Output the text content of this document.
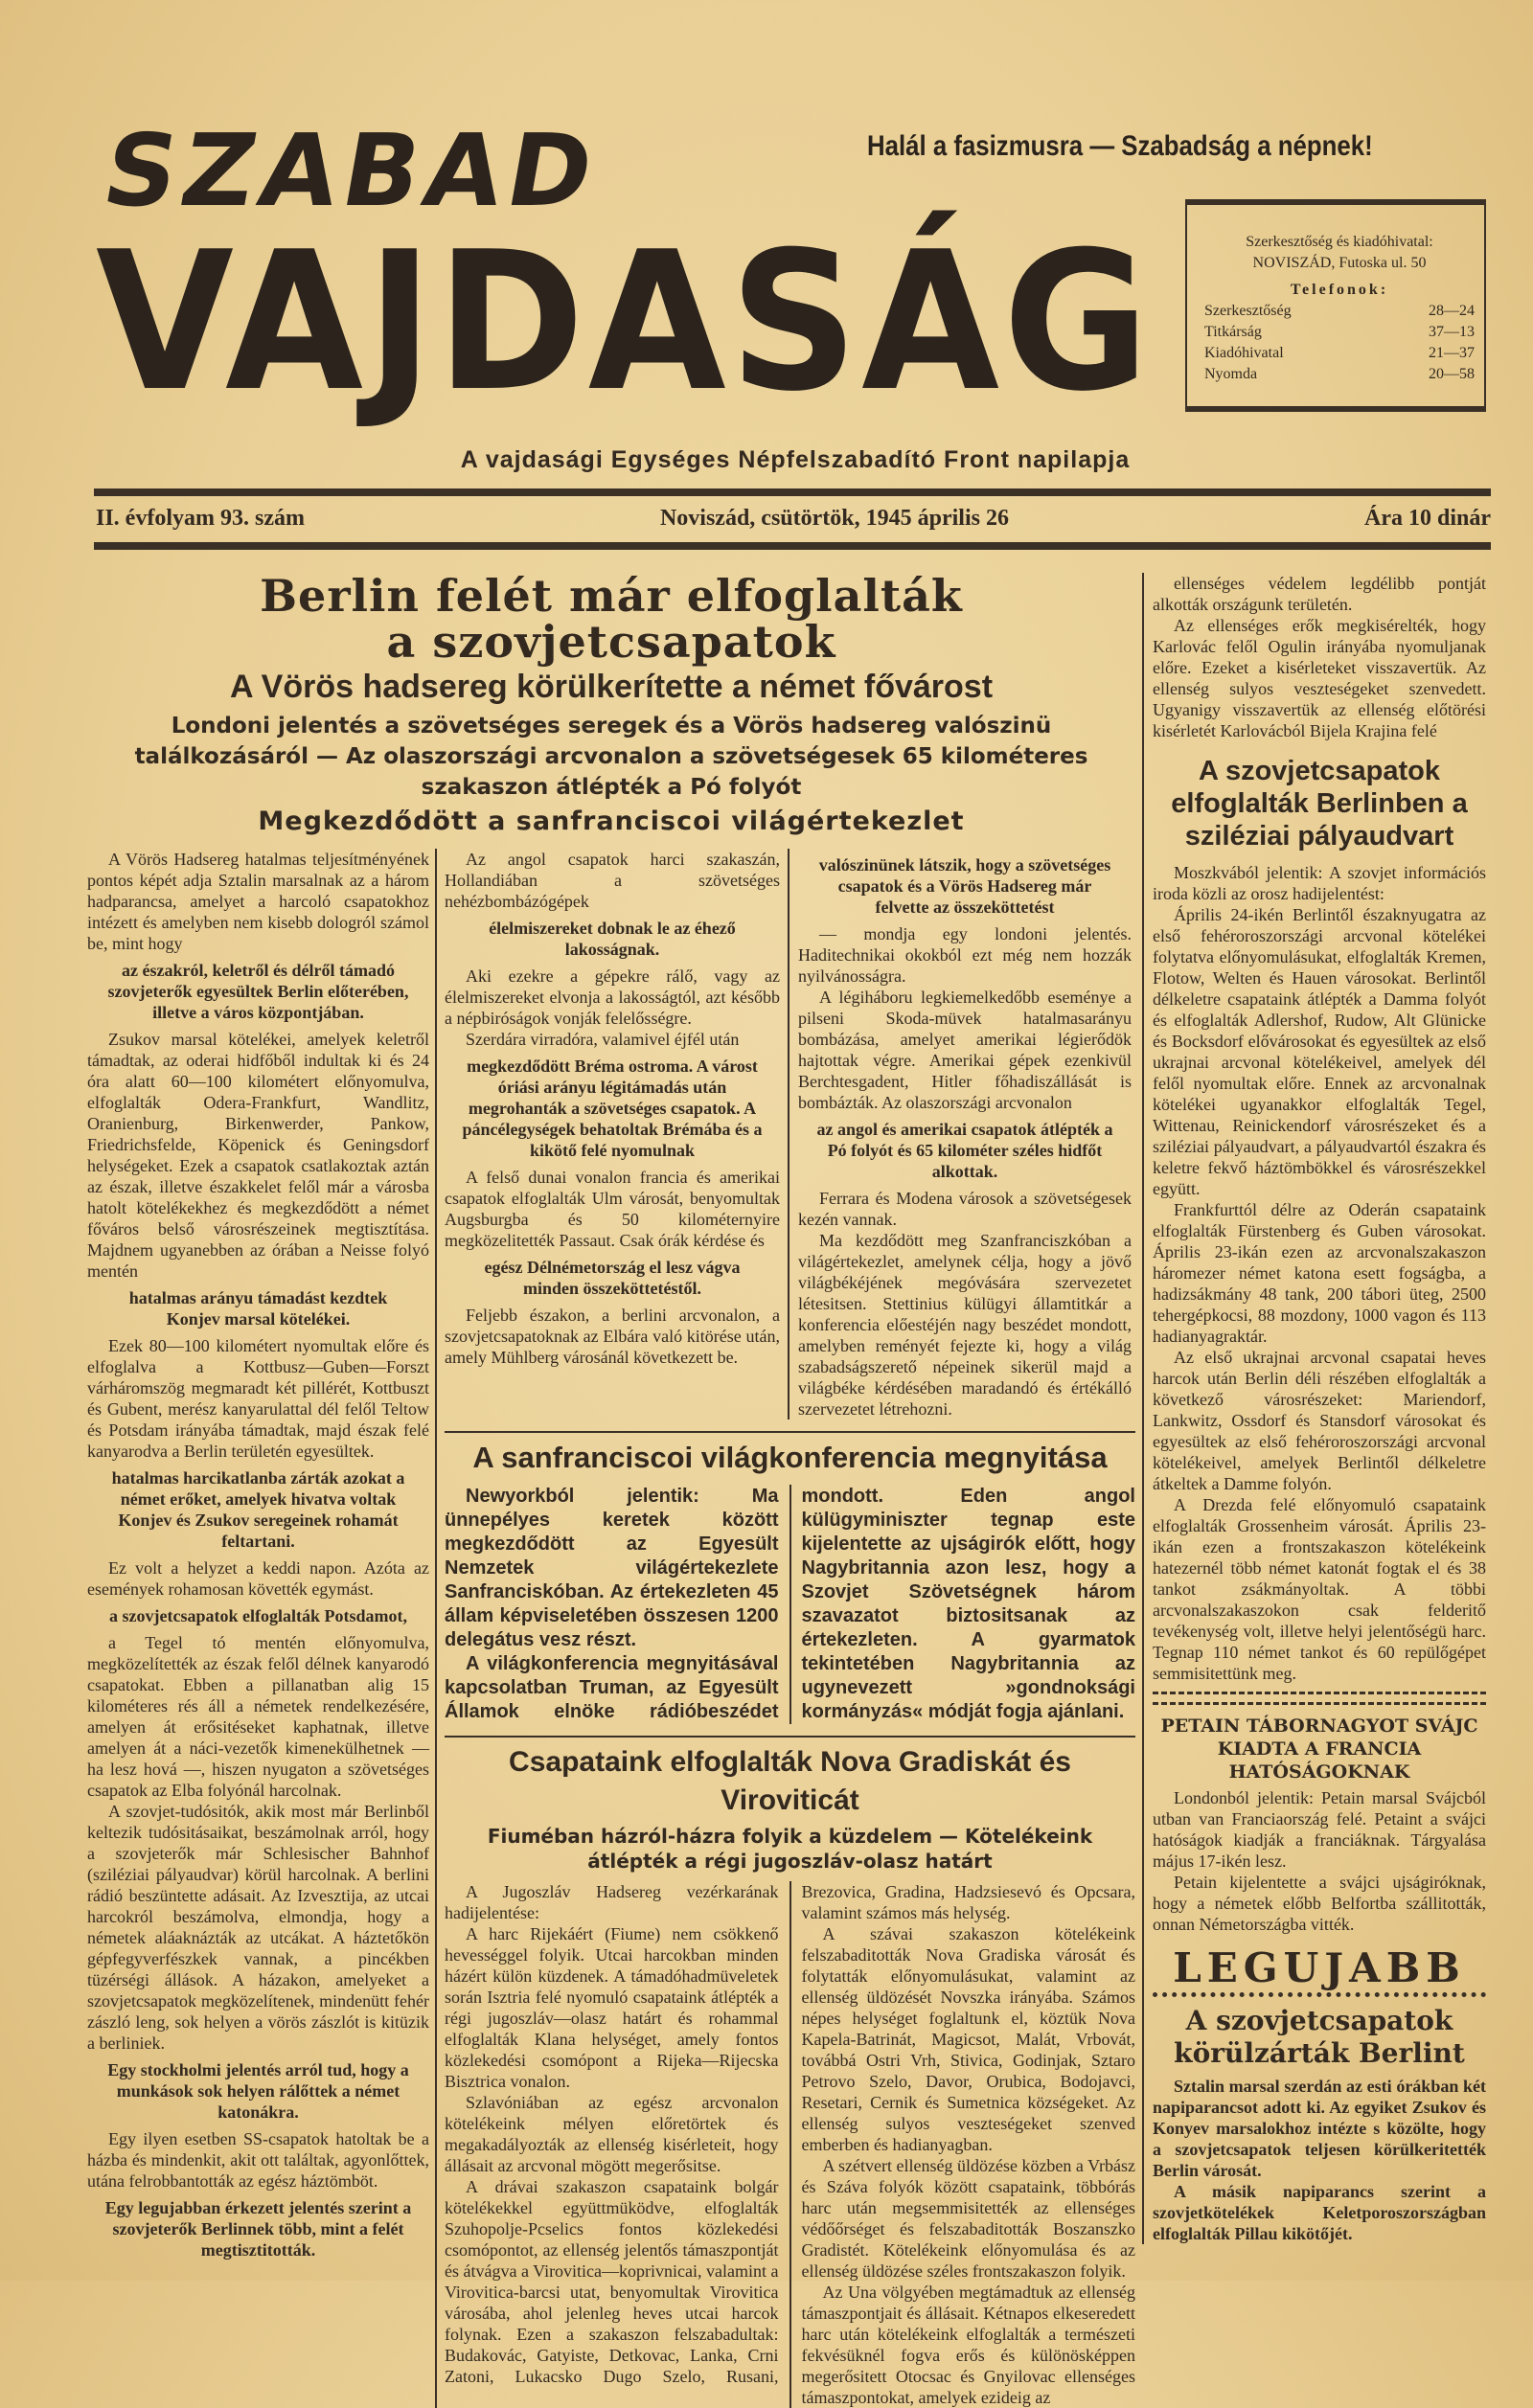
SZABAD
VAJDASÁG
Halál a fasizmusra — Szabadság a népnek!
Szerkesztőség és kiadóhivatal:
NOVISZÁD, Futoska ul. 50
Telefonok:
Szerkesztőség	28—24
Titkárság	37—13
Kiadóhivatal	21—37
Nyomda	20—58
A vajdasági Egységes Népfelszabadító Front napilapja
II. évfolyam 93. szám	Noviszád, csütörtök, 1945 április 26	Ára 10 dinár
Berlin felét már elfoglalták
a szovjetcsapatok
A Vörös hadsereg körülkerítette a német fővárost
Londoni jelentés a szövetséges seregek és a Vörös hadsereg valószinü találkozásáról — Az olaszországi arcvonalon a szövetségesek 65 kilométeres szakaszon átlépték a Pó folyót
Megkezdődött a sanfranciscoi világértekezlet

A Vörös Hadsereg hatalmas teljesítményének pontos képét adja Sztalin marsalnak az a három hadparancsa, amelyet a harcoló csapatokhoz intézett és amelyben nem kisebb dologról számol be, mint hogy

az északról, keletről és délről támadó szovjeterők egyesültek Berlin előterében, illetve a város központjában.

Zsukov marsal kötelékei, amelyek keletről támadtak, az oderai hidfőből indultak ki és 24 óra alatt 60—100 kilométert előnyomulva, elfoglalták Odera-Frankfurt, Wandlitz, Oranienburg, Birkenwerder, Pankow, Friedrichsfelde, Köpenick és Geningsdorf helységeket. Ezek a csapatok csatlakoztak aztán az észak, illetve északkelet felől már a városba hatolt kötelékekhez és megkezdődött a német főváros belső városrészeinek megtisztítása. Majdnem ugyanebben az órában a Neisse folyó mentén

hatalmas arányu támadást kezdtek Konjev marsal kötelékei.

Ezek 80—100 kilométert nyomultak előre és elfoglalva a Kottbusz—Guben—Forszt várháromszög megmaradt két pillérét, Kottbuszt és Gubent, merész kanyarulattal dél felől Teltow és Potsdam irányába támadtak, majd észak felé kanyarodva a Berlin területén egyesültek.

hatalmas harcikatlanba zárták azokat a német erőket, amelyek hivatva voltak Konjev és Zsukov seregeinek rohamát feltartani.

Ez volt a helyzet a keddi napon. Azóta az események rohamosan követték egymást.

a szovjetcsapatok elfoglalták Potsdamot,

a Tegel tó mentén előnyomulva, megközelítették az észak felől délnek kanyarodó csapatokat. Ebben a pillanatban alig 15 kilométeres rés áll a németek rendelkezésére, amelyen át erősitéseket kaphatnak, illetve amelyen át a náci-vezetők kimenekülhetnek — ha lesz hová —, hiszen nyugaton a szövetséges csapatok az Elba folyónál harcolnak.

A szovjet-tudósitók, akik most már Berlinből keltezik tudósitásaikat, beszámolnak arról, hogy a szovjeterők már Schlesischer Bahnhof (sziléziai pályaudvar) körül harcolnak. A berlini rádió beszüntette adásait. Az Izvesztija, az utcai harcokról beszámolva, elmondja, hogy a németek aláaknázták az utcákat. A háztetőkön gépfegyverfészkek vannak, a pincékben tüzérségi állások. A házakon, amelyeket a szovjetcsapatok megközelítenek, mindenütt fehér zászló leng, sok helyen a vörös zászlót is kitüzik a berliniek.

Egy stockholmi jelentés arról tud, hogy a munkások sok helyen rálőttek a német katonákra.

Egy ilyen esetben SS-csapatok hatoltak be a házba és mindenkit, akit ott találtak, agyonlőttek, utána felrobbantották az egész háztömböt.

Egy legujabban érkezett jelentés szerint a szovjeterők Berlinnek több, mint a felét megtisztitották.

Az angol csapatok harci szakaszán, Hollandiában a szövetséges nehézbombázógépek

élelmiszereket dobnak le az éhező lakosságnak.

Aki ezekre a gépekre rálő, vagy az élelmiszereket elvonja a lakosságtól, azt később a népbiróságok vonják felelősségre.

Szerdára virradóra, valamivel éjfél után

megkezdődött Bréma ostroma. A várost óriási arányu légitámadás után megrohanták a szövetséges csapatok. A páncélegységek behatoltak Brémába és a kikötő felé nyomulnak

A felső dunai vonalon francia és amerikai csapatok elfoglalták Ulm városát, benyomultak Augsburgba és 50 kilométernyire megközelitették Passaut. Csak órák kérdése és

egész Délnémetország el lesz vágva minden összeköttetéstől.

Feljebb északon, a berlini arcvonalon, a szovjetcsapatoknak az Elbára való kitörése után, amely Mühlberg városánál következett be.

valószinünek látszik, hogy a szövetséges csapatok és a Vörös Hadsereg már felvette az összeköttetést

— mondja egy londoni jelentés. Haditechnikai okokból ezt még nem hozzák nyilvánosságra.

A légiháboru legkiemelkedőbb eseménye a pilseni Skoda-müvek hatalmasarányu bombázása, amelyet amerikai légierődök hajtottak végre. Amerikai gépek ezenkivül Berchtesgadent, Hitler főhadiszállását is bombázták. Az olaszországi arcvonalon

az angol és amerikai csapatok átlépték a Pó folyót és 65 kilométer széles hidfőt alkottak.

Ferrara és Modena városok a szövetségesek kezén vannak.

Ma kezdődött meg Szanfranciszkóban a világértekezlet, amelynek célja, hogy a jövő világbékéjének megóvására szervezetet létesitsen. Stettinius külügyi államtitkár a konferencia előestéjén nagy beszédet mondott, amelyben reményét fejezte ki, hogy a világ szabadságszerető népeinek sikerül majd a világbéke kérdésében maradandó és értékálló szervezetet létrehozni.

A sanfranciscoi világkonferencia megnyitása

Newyorkból jelentik: Ma ünnepélyes keretek között megkezdődött az Egyesült Nemzetek világértekezlete Sanfranciskóban. Az értekezleten 45 állam képviseletében összesen 1200 delegátus vesz részt.

A világkonferencia megnyitásával kapcsolatban Truman, az Egyesült Államok elnöke rádióbeszédet mondott. Eden angol külügyminiszter tegnap este kijelentette az ujságirók előtt, hogy Nagybritannia azon lesz, hogy a Szovjet Szövetségnek három szavazatot biztositsanak az értekezleten. A gyarmatok tekintetében Nagybritannia az ugynevezett »gondnoksági kormányzás« módját fogja ajánlani.

Csapataink elfoglalták Nova Gradiskát és Viroviticát
Fiuméban házról-házra folyik a küzdelem — Kötelékeink átlépték a régi jugoszláv-olasz határt

A Jugoszláv Hadsereg vezérkarának hadijelentése:

A harc Rijekáért (Fiume) nem csökkenő hevességgel folyik. Utcai harcokban minden házért külön küzdenek. A támadóhadmüveletek során Isztria felé nyomuló csapataink átlépték a régi jugoszláv—olasz határt és rohammal elfoglalták Klana helységet, amely fontos közlekedési csomópont a Rijeka—Rijecska Bisztrica vonalon.

Szlavóniában az egész arcvonalon kötelékeink mélyen előretörtek és megakadályozták az ellenség kisérleteit, hogy állásait az arcvonal mögött megerősitse.

A drávai szakaszon csapataink bolgár kötelékekkel együttmüködve, elfoglalták Szuhopolje-Pcselics fontos közlekedési csomópontot, az ellenség jelentős támaszpontját és átvágva a Virovitica—koprivnicai, valamint a Virovitica-barcsi utat, benyomultak Virovitica városába, ahol jelenleg heves utcai harcok folynak. Ezen a szakaszon felszabadultak: Budakovác, Gatyiste, Detkovac, Lanka, Crni Zatoni, Lukacsko Dugo Szelo, Rusani, Brezovica, Gradina, Hadzsiesevó és Opcsara, valamint számos más helység.

A szávai szakaszon kötelékeink felszabaditották Nova Gradiska városát és folytatták előnyomulásukat, valamint az ellenség üldözését Novszka irányába. Számos népes helységet foglaltunk el, köztük Nova Kapela-Batrinát, Magicsot, Malát, Vrbovát, továbbá Ostri Vrh, Stivica, Godinjak, Sztaro Petrovo Szelo, Davor, Orubica, Bodojavci, Resetari, Cernik és Sumetnica községeket. Az ellenség sulyos veszteségeket szenved emberben és hadianyagban.

A szétvert ellenség üldözése közben a Vrbász és Száva folyók között csapataink, többórás harc után megsemmisitették az ellenséges védőőrséget és felszabaditották Boszanszko Gradistét. Kötelékeink előnyomulása és az ellenség üldözése széles frontszakaszon folyik.

Az Una völgyében megtámadtuk az ellenség támaszpontjait és állásait. Kétnapos elkeseredett harc után kötelékeink elfoglalták a természeti fekvésüknél fogva erős és különösképpen megerősitett Otocsac és Gnyilovac ellenséges támaszpontokat, amelyek ezideig az

ellenséges védelem legdélibb pontját alkották országunk területén.

Az ellenséges erők megkisérelték, hogy Karlovác felől Ogulin irányába nyomuljanak előre. Ezeket a kisérleteket visszavertük. Az ellenség sulyos veszteségeket szenvedett. Ugyanigy visszavertük az ellenség előtörési kisérletét Karlovácból Bijela Krajina felé

A szovjetcsapatok elfoglalták Berlinben a sziléziai pályaudvart

Moszkvából jelentik: A szovjet információs iroda közli az orosz hadijelentést:

Április 24-ikén Berlintől északnyugatra az első fehéroroszországi arcvonal kötelékei folytatva előnyomulásukat, elfoglalták Kremen, Flotow, Welten és Hauen városokat. Berlintől délkeletre csapataink átlépték a Damma folyót és elfoglalták Adlershof, Rudow, Alt Glünicke és Bocksdorf elővárosokat és egyesültek az első ukrajnai arcvonal kötelékeivel, amelyek dél felől nyomultak előre. Ennek az arcvonalnak kötelékei ugyanakkor elfoglalták Tegel, Wittenau, Reinickendorf városrészeket és a sziléziai pályaudvart, a pályaudvartól északra és keletre fekvő háztömbökkel és városrészekkel együtt.

Frankfurttól délre az Oderán csapataink elfoglalták Fürstenberg és Guben városokat. Április 23-ikán ezen az arcvonalszakaszon háromezer német katona esett fogságba, a hadizsákmány 48 tank, 200 tábori üteg, 2500 tehergépkocsi, 88 mozdony, 1000 vagon és 113 hadianyagraktár.

Az első ukrajnai arcvonal csapatai heves harcok után Berlin déli részében elfoglalták a következő városrészeket: Mariendorf, Lankwitz, Ossdorf és Stansdorf városokat és egyesültek az első fehéroroszországi arcvonal kötelékeivel, amelyek Berlintől délkeletre átkeltek a Damme folyón.

A Drezda felé előnyomuló csapataink elfoglalták Grossenheim városát. Április 23-ikán ezen a frontszakaszon kötelékeink hatezernél több német katonát fogtak el és 38 tankot zsákmányoltak. A többi arcvonalszakaszokon csak felderitő tevékenység volt, illetve helyi jelentőségü harc. Tegnap 110 német tankot és 60 repülőgépet semmisitettünk meg.

PETAIN TÁBORNAGYOT SVÁJC KIADTA A FRANCIA HATÓSÁGOKNAK

Londonból jelentik: Petain marsal Svájcból utban van Franciaország felé. Petaint a svájci hatóságok kiadják a franciáknak. Tárgyalása május 17-ikén lesz.

Petain kijelentette a svájci ujságiróknak, hogy a németek előbb Belfortba szállitották, onnan Németországba vitték.

LEGUJABB

A szovjetcsapatok körülzárták Berlint

Sztalin marsal szerdán az esti órákban két napiparancsot adott ki. Az egyiket Zsukov és Konyev marsalokhoz intézte s közölte, hogy a szovjetcsapatok teljesen körülkeritették Berlin városát.

A másik napiparancs szerint a szovjetkötelékek Keletporoszországban elfoglalták Pillau kikötőjét.
